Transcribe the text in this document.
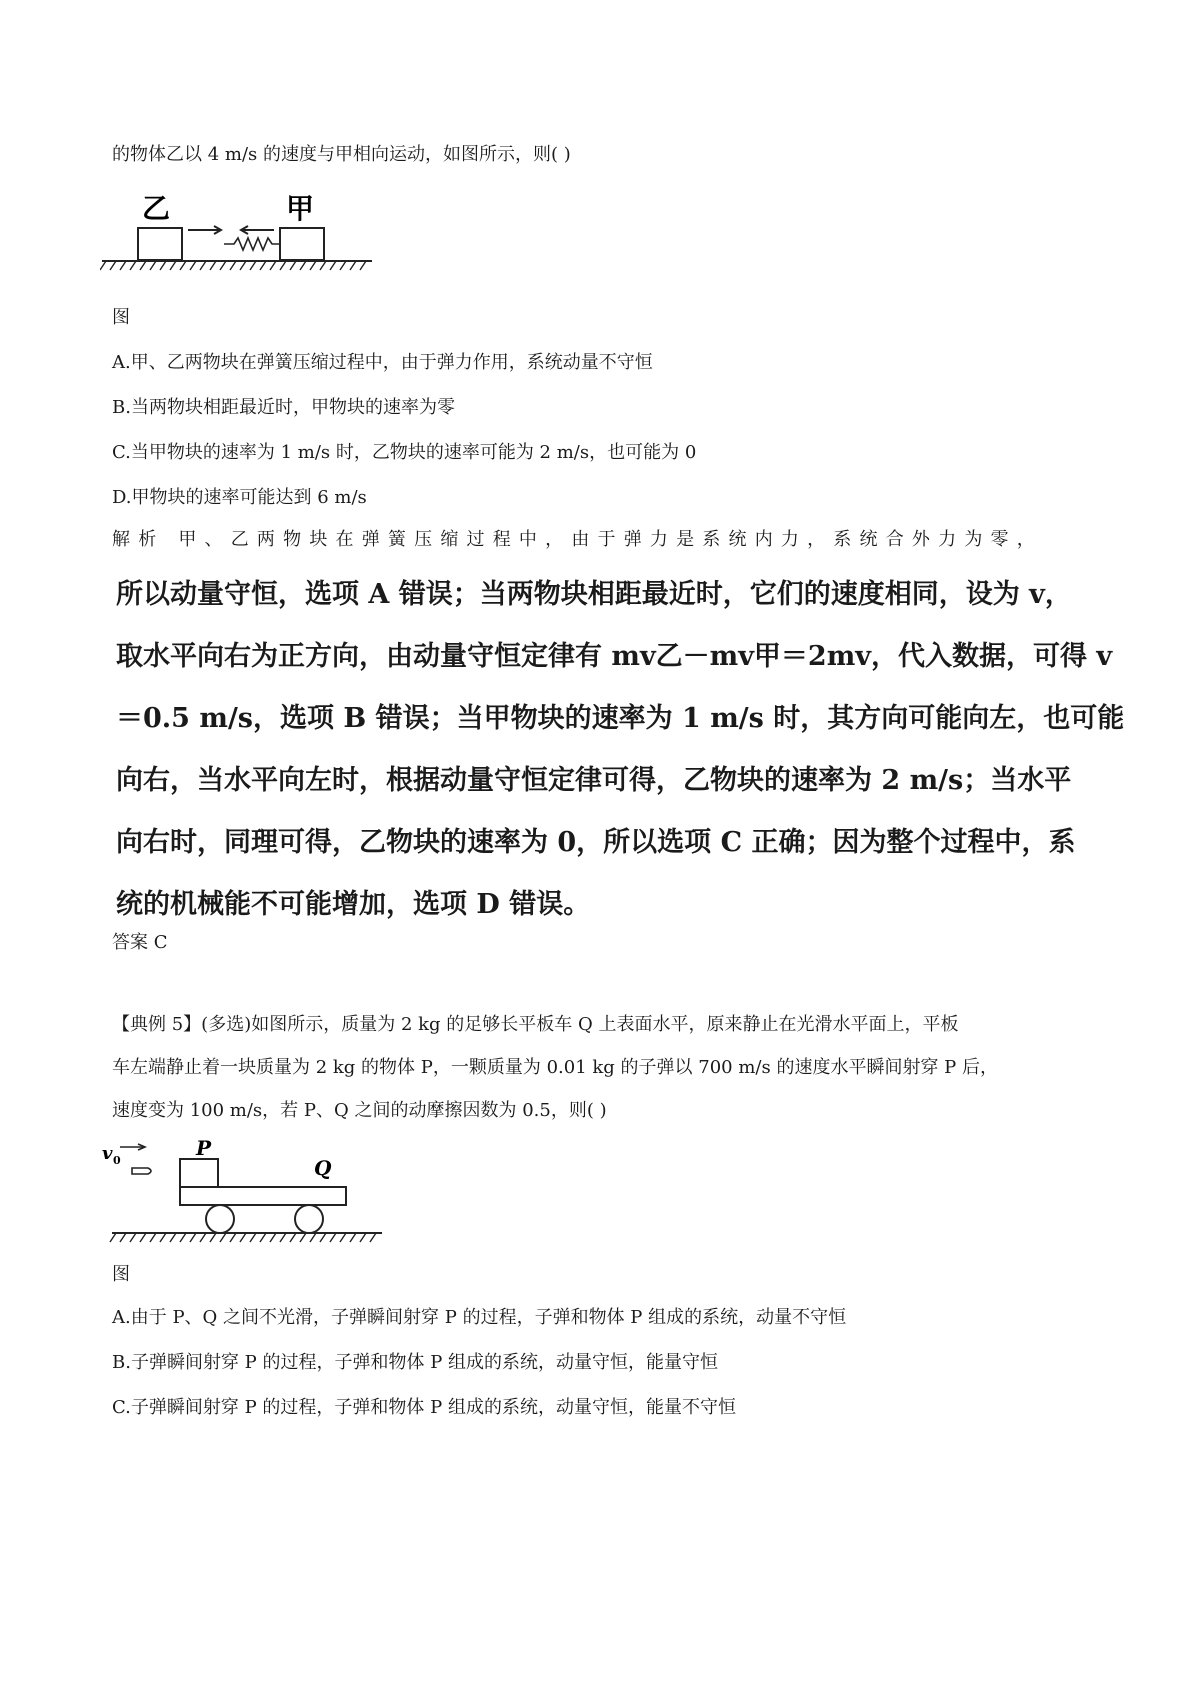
的物体乙以 4 m/s 的速度与甲相向运动，如图所示，则( )
乙	甲
图
A.甲、乙两物块在弹簧压缩过程中，由于弹力作用，系统动量不守恒
B.当两物块相距最近时，甲物块的速率为零
C.当甲物块的速率为 1 m/s 时，乙物块的速率可能为 2 m/s，也可能为 0
D.甲物块的速率可能达到 6 m/s
解析 甲、乙两物块在弹簧压缩过程中，由于弹力是系统内力，系统合外力为零，

所以动量守恒，选项 A 错误；当两物块相距最近时，它们的速度相同，设为 v，

取水平向右为正方向，由动量守恒定律有 mv乙－mv甲＝2mv，代入数据，可得 v

＝0.5 m/s，选项 B 错误；当甲物块的速率为 1 m/s 时，其方向可能向左，也可能

向右，当水平向左时，根据动量守恒定律可得，乙物块的速率为 2 m/s；当水平

向右时，同理可得，乙物块的速率为 0，所以选项 C 正确；因为整个过程中，系

统的机械能不可能增加，选项 D 错误。

答案 C
【典例 5】(多选)如图所示，质量为 2 kg 的足够长平板车 Q 上表面水平，原来静止在光滑水平面上，平板
车左端静止着一块质量为 2 kg 的物体 P，一颗质量为 0.01 kg 的子弹以 700 m/s 的速度水平瞬间射穿 P 后，
速度变为 100 m/s，若 P、Q 之间的动摩擦因数为 0.5，则( )
v 0
P
Q
图
A.由于 P、Q 之间不光滑，子弹瞬间射穿 P 的过程，子弹和物体 P 组成的系统，动量不守恒
B.子弹瞬间射穿 P 的过程，子弹和物体 P 组成的系统，动量守恒，能量守恒
C.子弹瞬间射穿 P 的过程，子弹和物体 P 组成的系统，动量守恒，能量不守恒
